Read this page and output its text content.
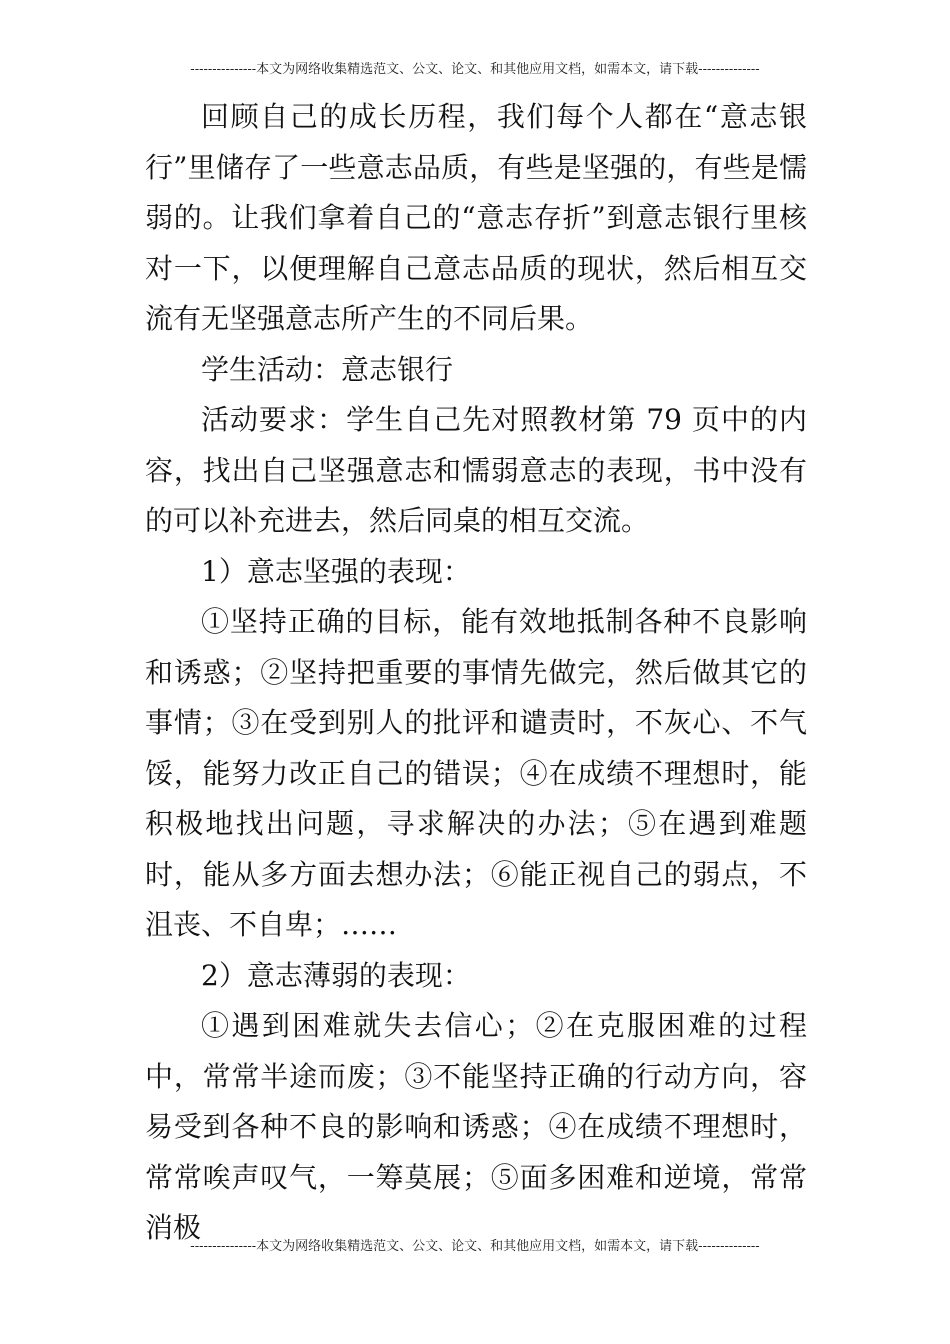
---------------本文为网络收集精选范文、公文、论文、和其他应用文档，如需本文，请下载--------------

回顾自己的成长历程，我们每个人都在“意志银行”里储存了一些意志品质，有些是坚强的，有些是懦弱的。让我们拿着自己的“意志存折”到意志银行里核对一下，以便理解自己意志品质的现状，然后相互交流有无坚强意志所产生的不同后果。

学生活动：意志银行

活动要求：学生自己先对照教材第 79 页中的内容，找出自己坚强意志和懦弱意志的表现，书中没有的可以补充进去，然后同桌的相互交流。

1）意志坚强的表现：

①坚持正确的目标，能有效地抵制各种不良影响和诱惑；②坚持把重要的事情先做完，然后做其它的事情；③在受到别人的批评和谴责时，不灰心、不气馁，能努力改正自己的错误；④在成绩不理想时，能积极地找出问题，寻求解决的办法；⑤在遇到难题时，能从多方面去想办法；⑥能正视自己的弱点，不沮丧、不自卑；……

2）意志薄弱的表现：

①遇到困难就失去信心；②在克服困难的过程中，常常半途而废；③不能坚持正确的行动方向，容易受到各种不良的影响和诱惑；④在成绩不理想时，常常唉声叹气，一筹莫展；⑤面多困难和逆境，常常消极

---------------本文为网络收集精选范文、公文、论文、和其他应用文档，如需本文，请下载--------------
